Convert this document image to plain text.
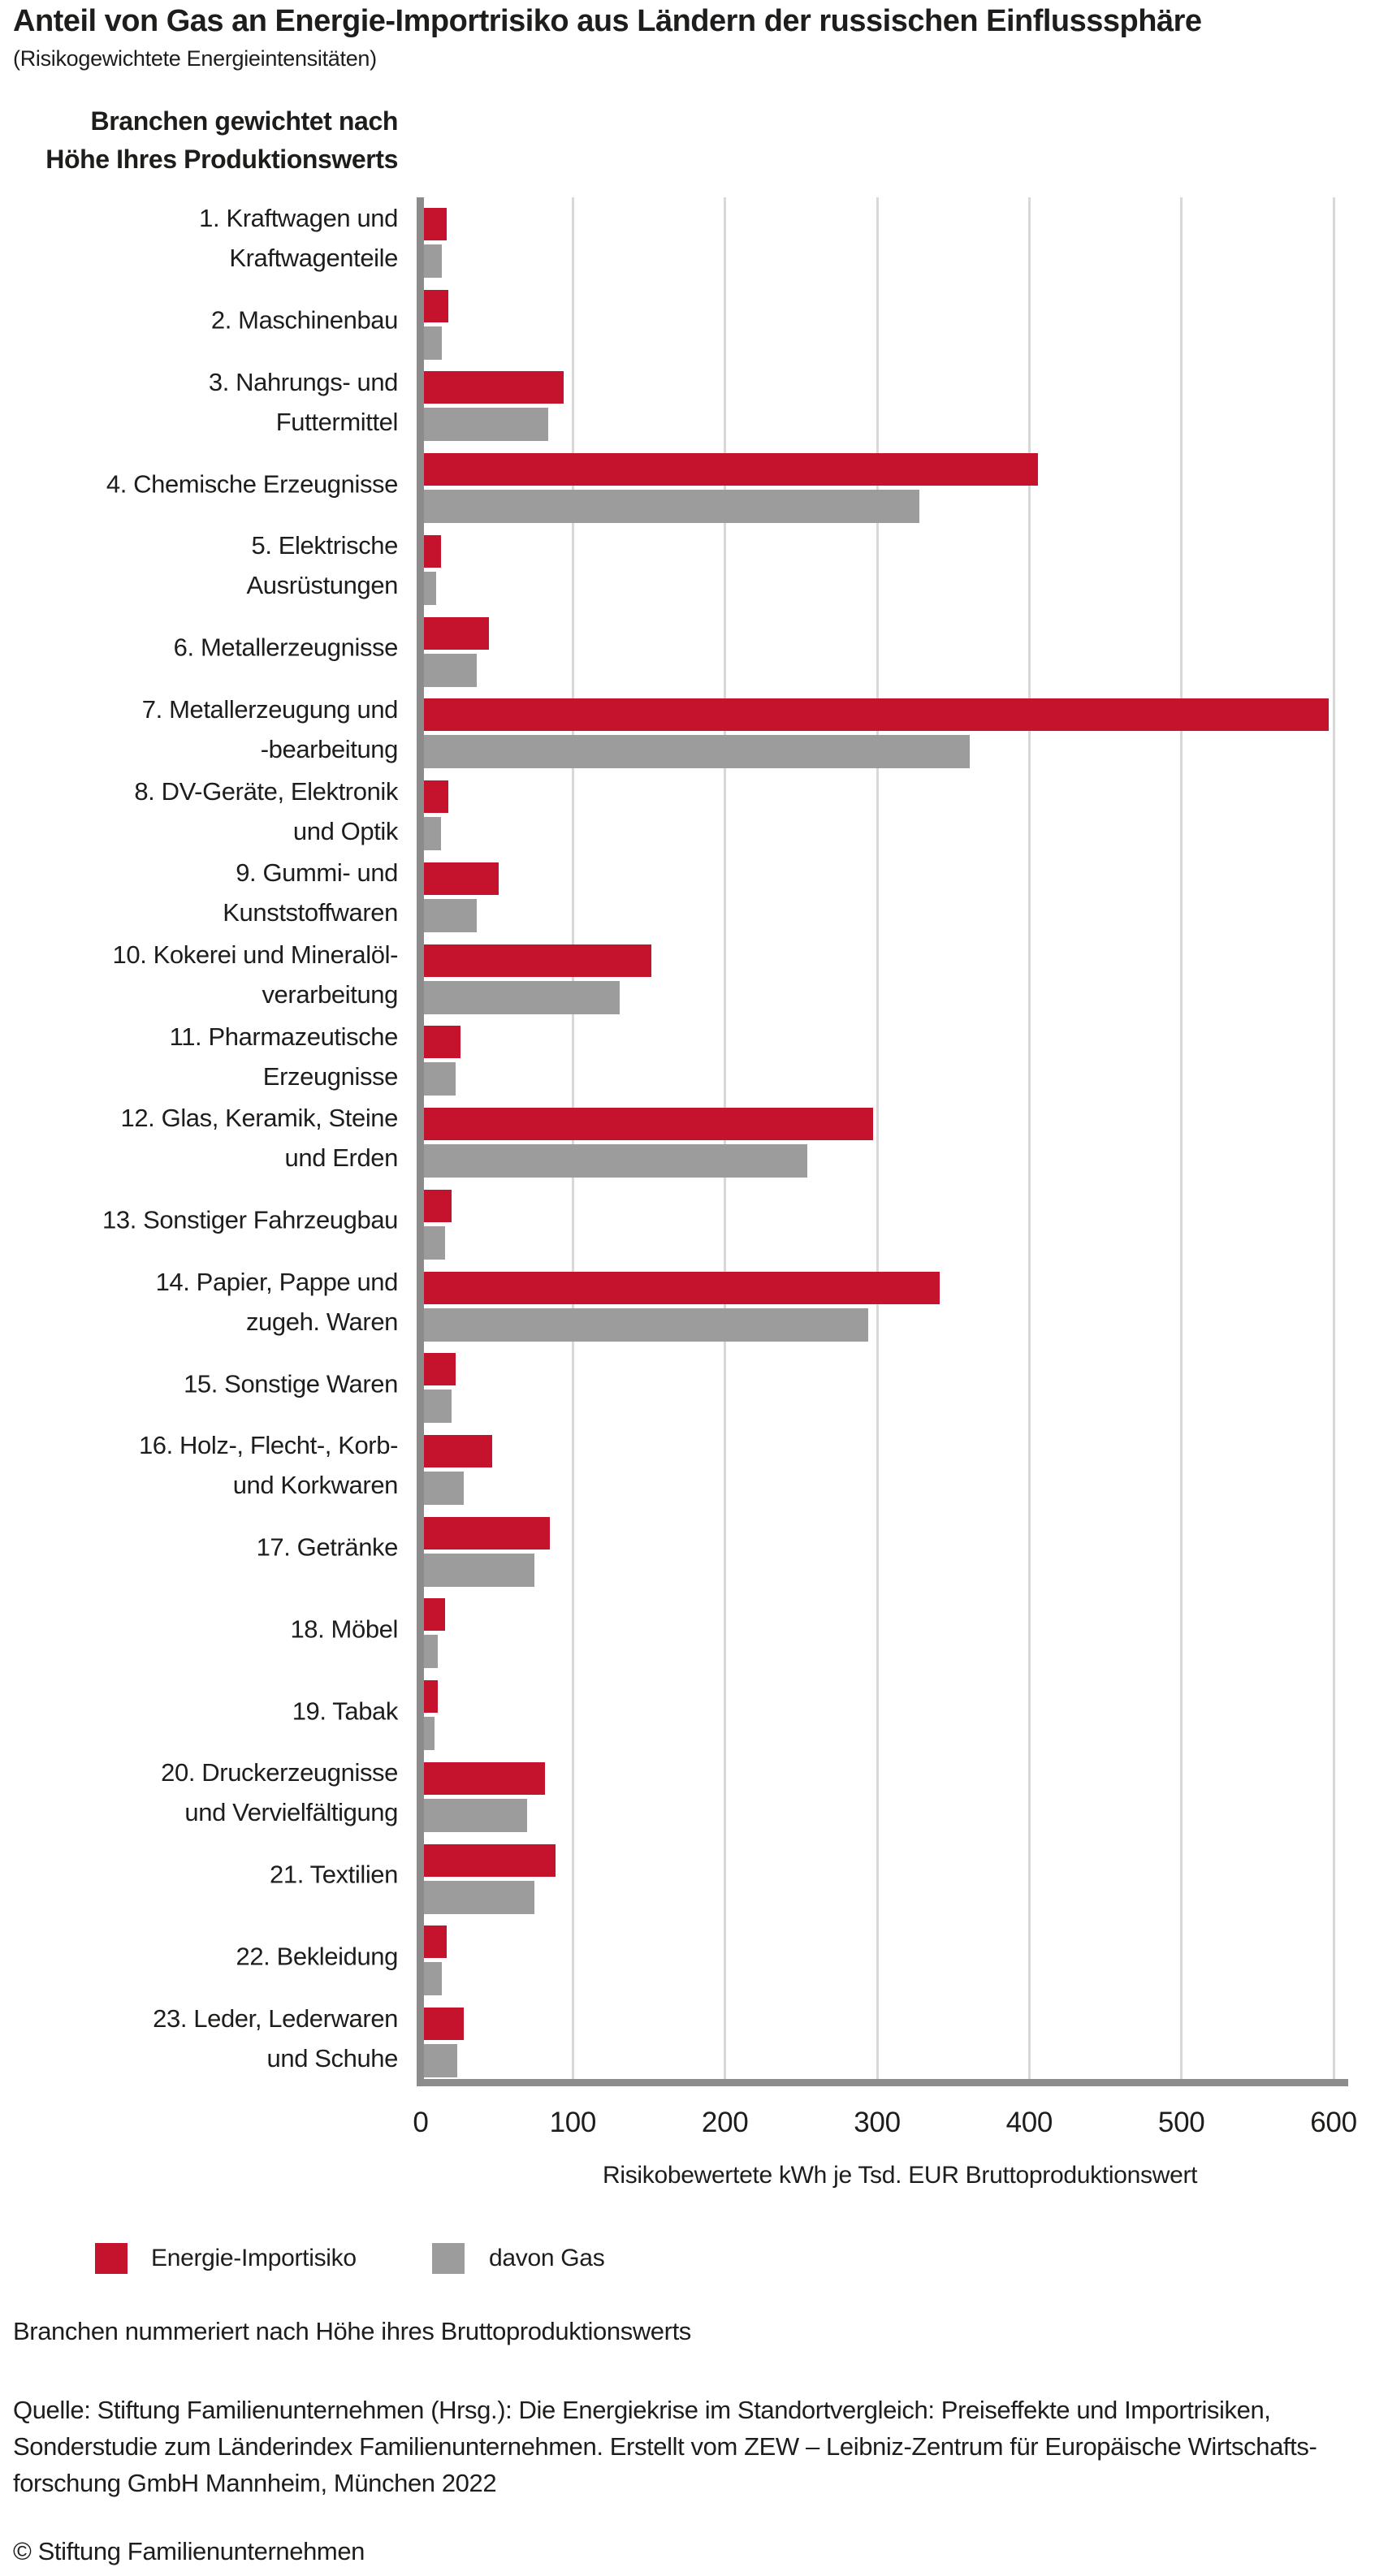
Anteil von Gas an Energie-Importrisiko aus Ländern der russischen Einflusssphäre
(Risikogewichtete Energieintensitäten)
Branchen gewichtet nach
Höhe Ihres Produktionswerts
1. Kraftwagen und
Kraftwagenteile
2. Maschinenbau
3. Nahrungs- und
Futtermittel
4. Chemische Erzeugnisse
5. Elektrische
Ausrüstungen
6. Metallerzeugnisse
7. Metallerzeugung und
-bearbeitung
8. DV-Geräte, Elektronik
und Optik
9. Gummi- und
Kunststoffwaren
10. Kokerei und Mineralöl-
verarbeitung
11. Pharmazeutische
Erzeugnisse
12. Glas, Keramik, Steine
und Erden
13. Sonstiger Fahrzeugbau
14. Papier, Pappe und
zugeh. Waren
15. Sonstige Waren
16. Holz-, Flecht-, Korb-
und Korkwaren
17. Getränke
18. Möbel
19. Tabak
20. Druckerzeugnisse
und Vervielfältigung
21. Textilien
22. Bekleidung
23. Leder, Lederwaren
und Schuhe
0	100	200	300	400	500	600
Risikobewertete kWh je Tsd. EUR Bruttoproduktionswert
Energie-Importisiko	davon Gas
Branchen nummeriert nach Höhe ihres Bruttoproduktionswerts
Quelle: Stiftung Familienunternehmen (Hrsg.): Die Energiekrise im Standortvergleich: Preiseffekte und Importrisiken,
Sonderstudie zum Länderindex Familienunternehmen. Erstellt vom ZEW – Leibniz-Zentrum für Europäische Wirtschafts-
forschung GmbH Mannheim, München 2022
© Stiftung Familienunternehmen
